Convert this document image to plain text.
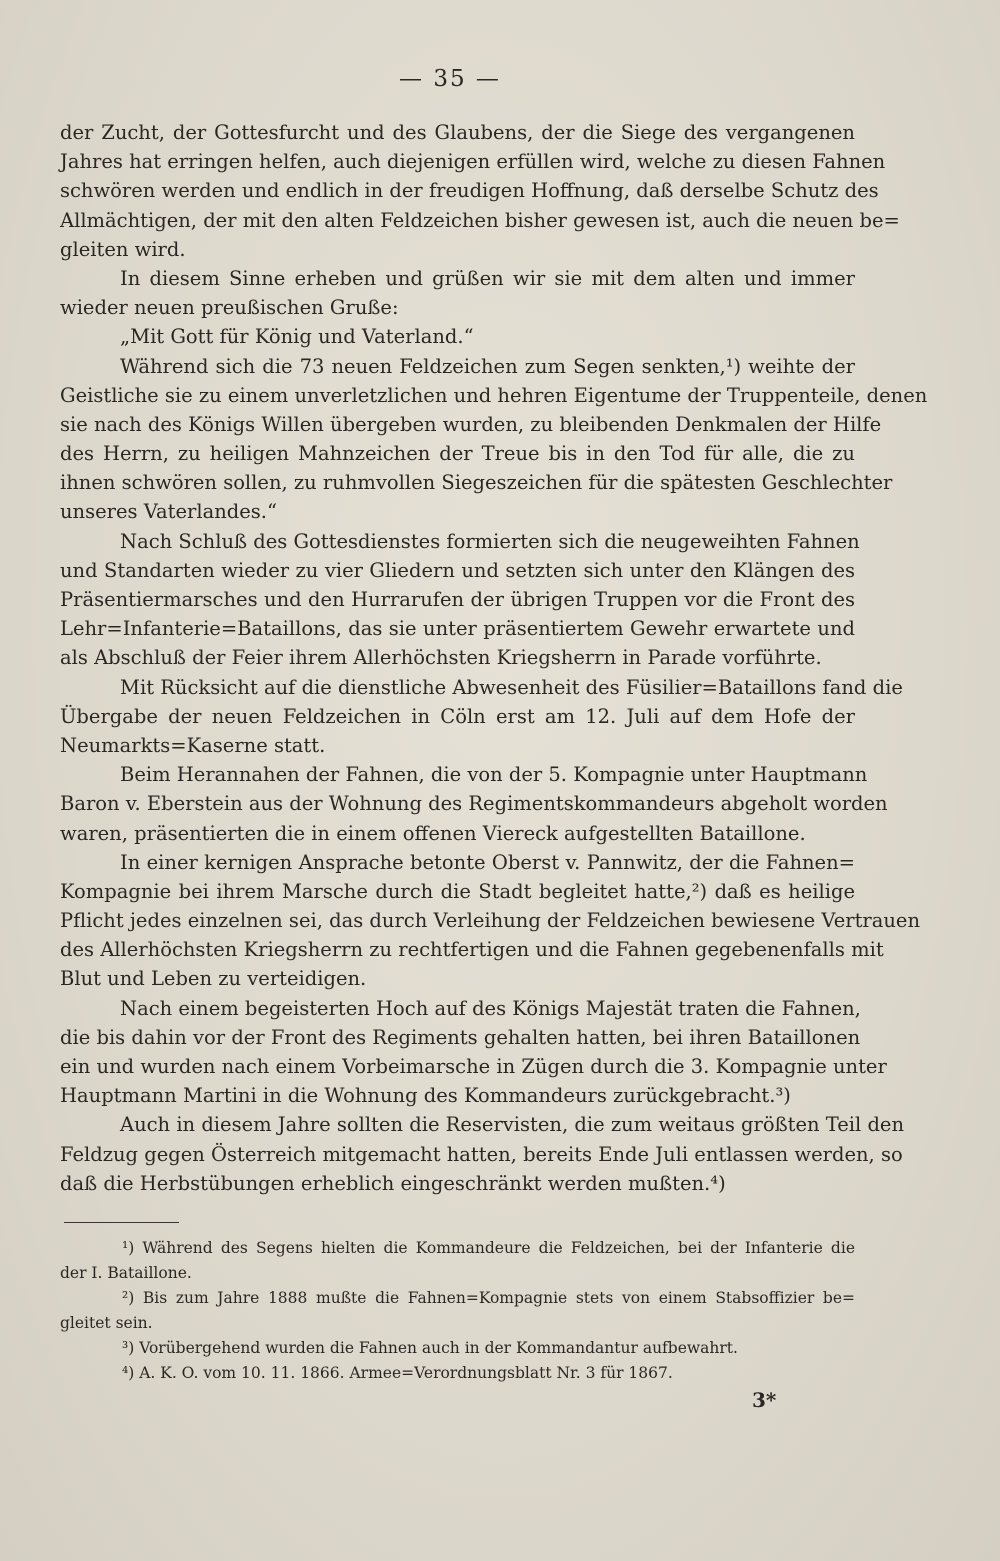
— 35 —
der Zucht, der Gottesfurcht und des Glaubens, der die Siege des vergangenen
Jahres hat erringen helfen, auch diejenigen erfüllen wird, welche zu diesen Fahnen
schwören werden und endlich in der freudigen Hoffnung, daß derselbe Schutz des
Allmächtigen, der mit den alten Feldzeichen bisher gewesen ist, auch die neuen be=
gleiten wird.
In diesem Sinne erheben und grüßen wir sie mit dem alten und immer
wieder neuen preußischen Gruße:
„Mit Gott für König und Vaterland.“
Während sich die 73 neuen Feldzeichen zum Segen senkten,¹) weihte der
Geistliche sie zu einem unverletzlichen und hehren Eigentume der Truppenteile, denen
sie nach des Königs Willen übergeben wurden, zu bleibenden Denkmalen der Hilfe
des Herrn, zu heiligen Mahnzeichen der Treue bis in den Tod für alle, die zu
ihnen schwören sollen, zu ruhmvollen Siegeszeichen für die spätesten Geschlechter
unseres Vaterlandes.“
Nach Schluß des Gottesdienstes formierten sich die neugeweihten Fahnen
und Standarten wieder zu vier Gliedern und setzten sich unter den Klängen des
Präsentiermarsches und den Hurrarufen der übrigen Truppen vor die Front des
Lehr=Infanterie=Bataillons, das sie unter präsentiertem Gewehr erwartete und
als Abschluß der Feier ihrem Allerhöchsten Kriegsherrn in Parade vorführte.
Mit Rücksicht auf die dienstliche Abwesenheit des Füsilier=Bataillons fand die
Übergabe der neuen Feldzeichen in Cöln erst am 12. Juli auf dem Hofe der
Neumarkts=Kaserne statt.
Beim Herannahen der Fahnen, die von der 5. Kompagnie unter Hauptmann
Baron v. Eberstein aus der Wohnung des Regimentskommandeurs abgeholt worden
waren, präsentierten die in einem offenen Viereck aufgestellten Bataillone.
In einer kernigen Ansprache betonte Oberst v. Pannwitz, der die Fahnen=
Kompagnie bei ihrem Marsche durch die Stadt begleitet hatte,²) daß es heilige
Pflicht jedes einzelnen sei, das durch Verleihung der Feldzeichen bewiesene Vertrauen
des Allerhöchsten Kriegsherrn zu rechtfertigen und die Fahnen gegebenenfalls mit
Blut und Leben zu verteidigen.
Nach einem begeisterten Hoch auf des Königs Majestät traten die Fahnen,
die bis dahin vor der Front des Regiments gehalten hatten, bei ihren Bataillonen
ein und wurden nach einem Vorbeimarsche in Zügen durch die 3. Kompagnie unter
Hauptmann Martini in die Wohnung des Kommandeurs zurückgebracht.³)
Auch in diesem Jahre sollten die Reservisten, die zum weitaus größten Teil den
Feldzug gegen Österreich mitgemacht hatten, bereits Ende Juli entlassen werden, so
daß die Herbstübungen erheblich eingeschränkt werden mußten.⁴)
¹) Während des Segens hielten die Kommandeure die Feldzeichen, bei der Infanterie die
der I. Bataillone.
²) Bis zum Jahre 1888 mußte die Fahnen=Kompagnie stets von einem Stabsoffizier be=
gleitet sein.
³) Vorübergehend wurden die Fahnen auch in der Kommandantur aufbewahrt.
⁴) A. K. O. vom 10. 11. 1866. Armee=Verordnungsblatt Nr. 3 für 1867.
3*
